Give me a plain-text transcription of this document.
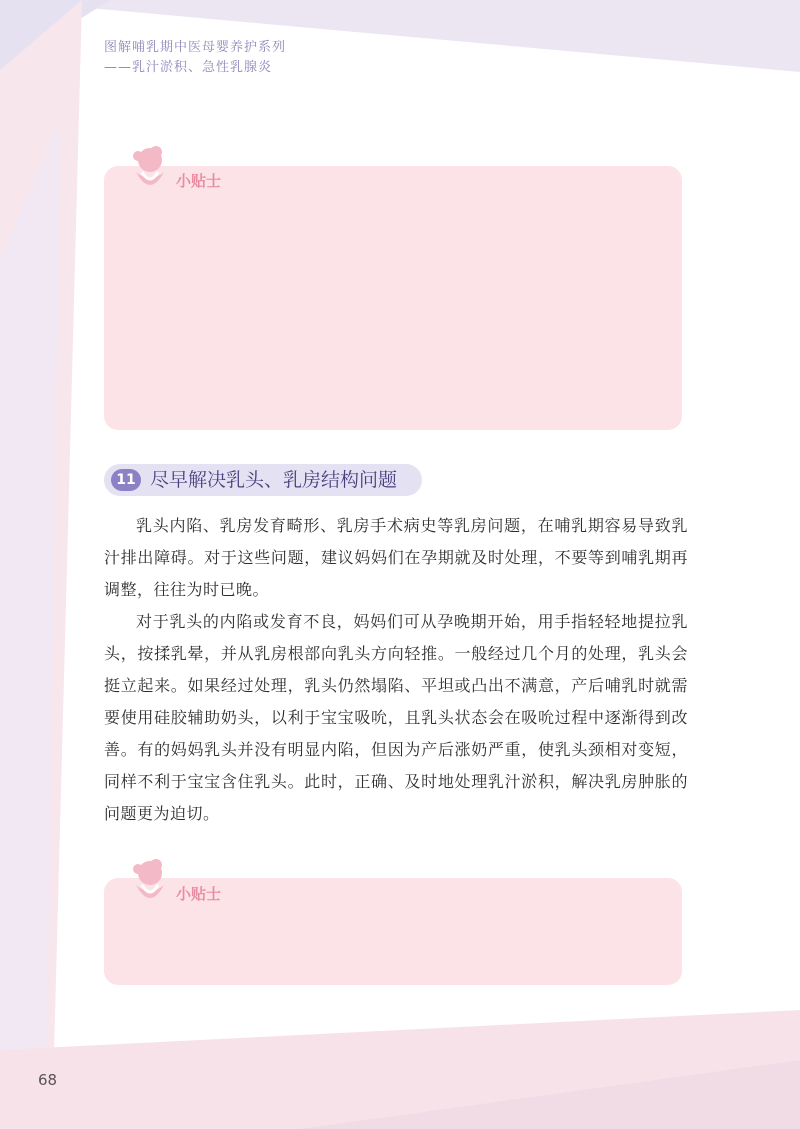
图解哺乳期中医母婴养护系列
——乳汁淤积、急性乳腺炎
小贴士

11 尽早解决乳头、乳房结构问题

乳头内陷、乳房发育畸形、乳房手术病史等乳房问题，在哺乳期容易导致乳汁排出障碍。对于这些问题，建议妈妈们在孕期就及时处理，不要等到哺乳期再调整，往往为时已晚。

对于乳头的内陷或发育不良，妈妈们可从孕晚期开始，用手指轻轻地提拉乳头，按揉乳晕，并从乳房根部向乳头方向轻推。一般经过几个月的处理，乳头会挺立起来。如果经过处理，乳头仍然塌陷、平坦或凸出不满意，产后哺乳时就需要使用硅胶辅助奶头，以利于宝宝吸吮，且乳头状态会在吸吮过程中逐渐得到改善。有的妈妈乳头并没有明显内陷，但因为产后涨奶严重，使乳头颈相对变短，同样不利于宝宝含住乳头。此时，正确、及时地处理乳汁淤积，解决乳房肿胀的问题更为迫切。

小贴士

68
